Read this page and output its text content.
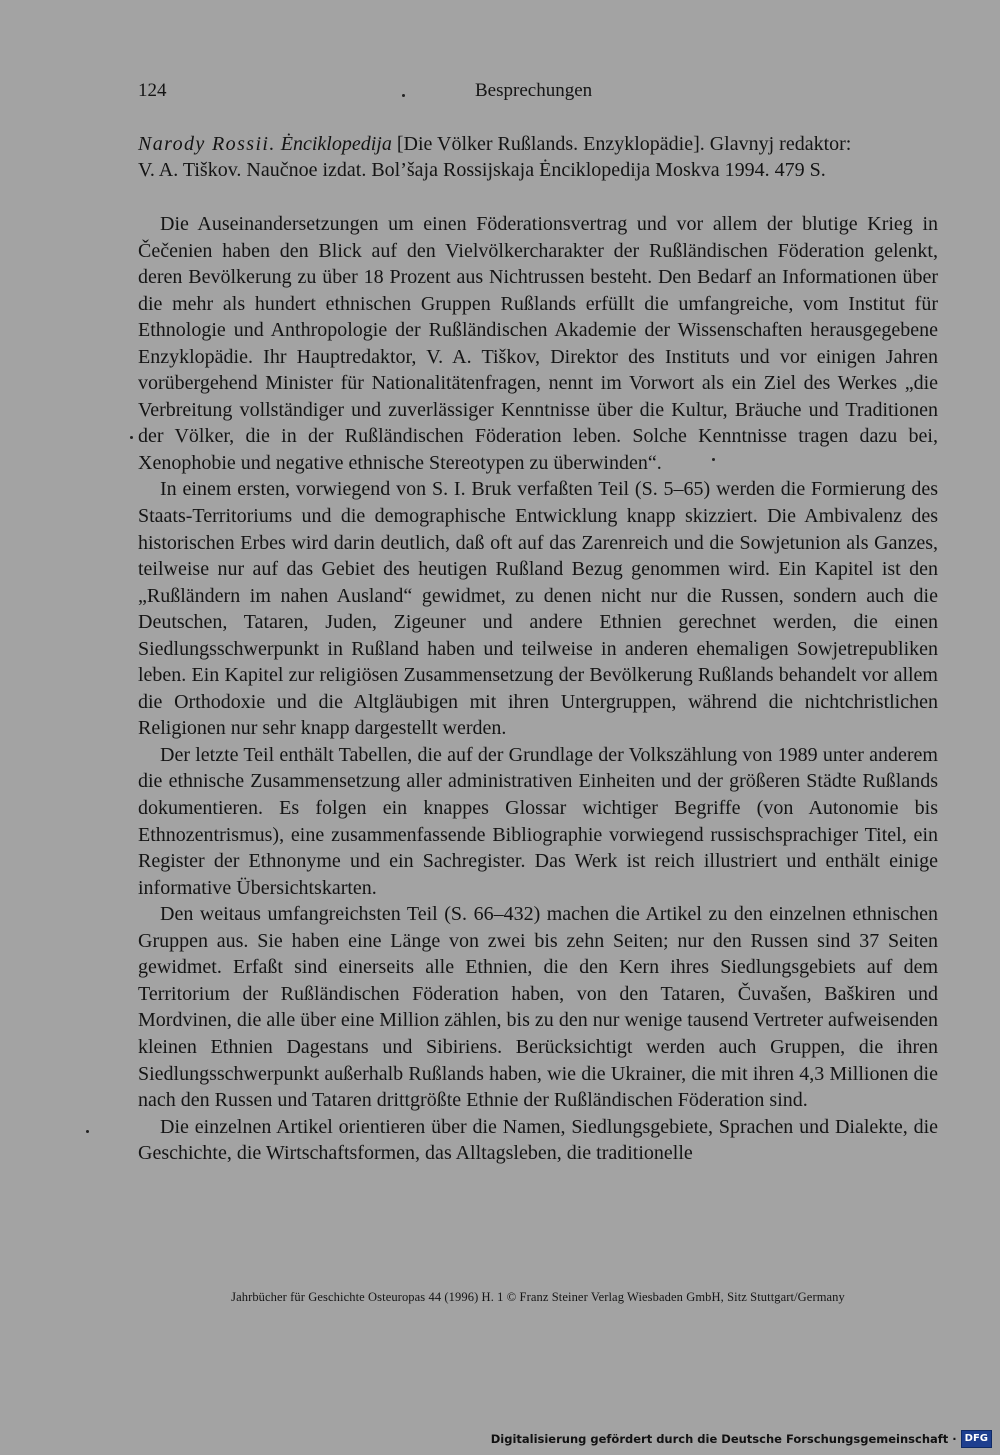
124	Besprechungen
Narody Rossii. Ėnciklopedija [Die Völker Rußlands. Enzyklopädie]. Glavnyj redaktor:
V. A. Tiškov. Naučnoe izdat. Bol’šaja Rossijskaja Ėnciklopedija Moskva 1994. 479 S.

Die Auseinandersetzungen um einen Föderationsvertrag und vor allem der blutige Krieg in Čečenien haben den Blick auf den Vielvölkercharakter der Rußländischen Föderation gelenkt, deren Bevölkerung zu über 18 Prozent aus Nichtrussen besteht. Den Bedarf an Informationen über die mehr als hundert ethnischen Gruppen Rußlands erfüllt die umfangreiche, vom Institut für Ethnologie und Anthropologie der Rußländischen Akademie der Wissenschaften herausgegebene Enzyklopädie. Ihr Hauptredaktor, V. A. Tiškov, Direktor des Instituts und vor einigen Jahren vorübergehend Minister für Nationalitätenfragen, nennt im Vorwort als ein Ziel des Werkes „die Verbreitung vollständiger und zuverlässiger Kenntnisse über die Kultur, Bräuche und Traditionen der Völker, die in der Rußländischen Föderation leben. Solche Kenntnisse tragen dazu bei, Xenophobie und negative ethnische Stereotypen zu überwinden“.

In einem ersten, vorwiegend von S. I. Bruk verfaßten Teil (S. 5–65) werden die Formierung des Staats-Territoriums und die demographische Entwicklung knapp skizziert. Die Ambivalenz des historischen Erbes wird darin deutlich, daß oft auf das Zarenreich und die Sowjetunion als Ganzes, teilweise nur auf das Gebiet des heutigen Rußland Bezug genommen wird. Ein Kapitel ist den „Rußländern im nahen Ausland“ gewidmet, zu denen nicht nur die Russen, sondern auch die Deutschen, Tataren, Juden, Zigeuner und andere Ethnien gerechnet werden, die einen Siedlungsschwerpunkt in Rußland haben und teilweise in anderen ehemaligen Sowjetrepubliken leben. Ein Kapitel zur religiösen Zusammensetzung der Bevölkerung Rußlands behandelt vor allem die Orthodoxie und die Altgläubigen mit ihren Untergruppen, während die nichtchristlichen Religionen nur sehr knapp dargestellt werden.

Der letzte Teil enthält Tabellen, die auf der Grundlage der Volkszählung von 1989 unter anderem die ethnische Zusammensetzung aller administrativen Einheiten und der größeren Städte Rußlands dokumentieren. Es folgen ein knappes Glossar wichtiger Begriffe (von Autonomie bis Ethnozentrismus), eine zusammenfassende Bibliographie vorwiegend russischsprachiger Titel, ein Register der Ethnonyme und ein Sachregister. Das Werk ist reich illustriert und enthält einige informative Übersichtskarten.

Den weitaus umfangreichsten Teil (S. 66–432) machen die Artikel zu den einzelnen ethnischen Gruppen aus. Sie haben eine Länge von zwei bis zehn Seiten; nur den Russen sind 37 Seiten gewidmet. Erfaßt sind einerseits alle Ethnien, die den Kern ihres Siedlungsgebiets auf dem Territorium der Rußländischen Föderation haben, von den Tataren, Čuvašen, Baškiren und Mordvinen, die alle über eine Million zählen, bis zu den nur wenige tausend Vertreter aufweisenden kleinen Ethnien Dagestans und Sibiriens. Berücksichtigt werden auch Gruppen, die ihren Siedlungsschwerpunkt außerhalb Rußlands haben, wie die Ukrainer, die mit ihren 4,3 Millionen die nach den Russen und Tataren drittgrößte Ethnie der Rußländischen Föderation sind.

Die einzelnen Artikel orientieren über die Namen, Siedlungsgebiete, Sprachen und Dialekte, die Geschichte, die Wirtschaftsformen, das Alltagsleben, die traditionelle

Jahrbücher für Geschichte Osteuropas 44 (1996) H. 1 © Franz Steiner Verlag Wiesbaden GmbH, Sitz Stuttgart/Germany
Digitalisierung gefördert durch die Deutsche Forschungsgemeinschaft · DFG
